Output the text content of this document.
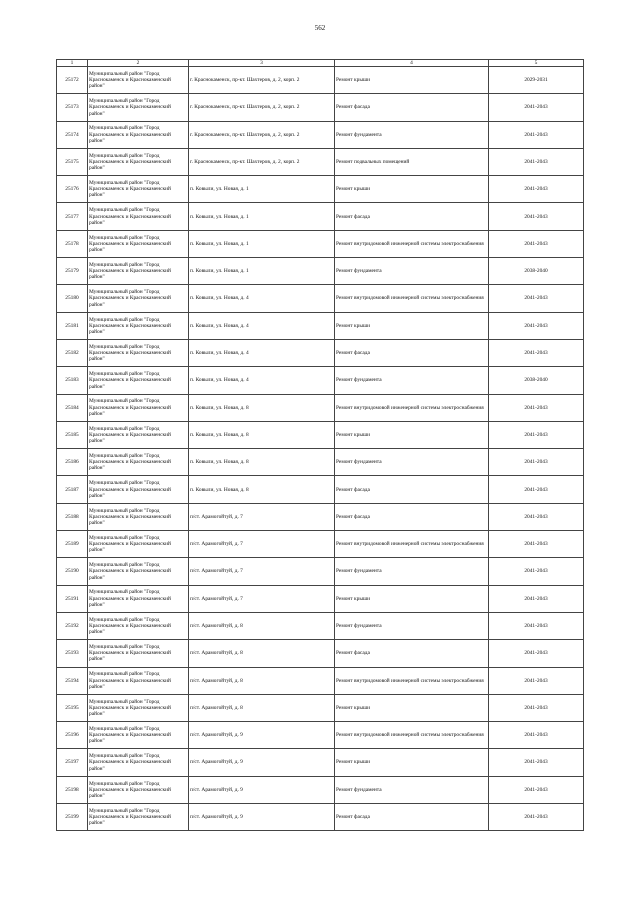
562
1	2	3	4	5
25172	Муниципальный район "Город Краснокаменск и Краснокаменский район"	г. Краснокаменск, пр-кт. Шахтеров, д. 2, корп. 2	Ремонт крыши	2029-2031
25173	Муниципальный район "Город Краснокаменск и Краснокаменский район"	г. Краснокаменск, пр-кт. Шахтеров, д. 2, корп. 2	Ремонт фасада	2041-2043
25174	Муниципальный район "Город Краснокаменск и Краснокаменский район"	г. Краснокаменск, пр-кт. Шахтеров, д. 2, корп. 2	Ремонт фундамента	2041-2043
25175	Муниципальный район "Город Краснокаменск и Краснокаменский район"	г. Краснокаменск, пр-кт. Шахтеров, д. 2, корп. 2	Ремонт подвальных помещений	2041-2043
25176	Муниципальный район "Город Краснокаменск и Краснокаменский район"	п. Ковыли, ул. Новая, д. 1	Ремонт крыши	2041-2043
25177	Муниципальный район "Город Краснокаменск и Краснокаменский район"	п. Ковыли, ул. Новая, д. 1	Ремонт фасада	2041-2043
25178	Муниципальный район "Город Краснокаменск и Краснокаменский район"	п. Ковыли, ул. Новая, д. 1	Ремонт внутридомовой инженерной системы электроснабжения	2041-2043
25179	Муниципальный район "Город Краснокаменск и Краснокаменский район"	п. Ковыли, ул. Новая, д. 1	Ремонт фундамента	2038-2040
25180	Муниципальный район "Город Краснокаменск и Краснокаменский район"	п. Ковыли, ул. Новая, д. 4	Ремонт внутридомовой инженерной системы электроснабжения	2041-2043
25181	Муниципальный район "Город Краснокаменск и Краснокаменский район"	п. Ковыли, ул. Новая, д. 4	Ремонт крыши	2041-2043
25182	Муниципальный район "Город Краснокаменск и Краснокаменский район"	п. Ковыли, ул. Новая, д. 4	Ремонт фасада	2041-2043
25183	Муниципальный район "Город Краснокаменск и Краснокаменский район"	п. Ковыли, ул. Новая, д. 4	Ремонт фундамента	2038-2040
25184	Муниципальный район "Город Краснокаменск и Краснокаменский район"	п. Ковыли, ул. Новая, д. 8	Ремонт внутридомовой инженерной системы электроснабжения	2041-2043
25185	Муниципальный район "Город Краснокаменск и Краснокаменский район"	п. Ковыли, ул. Новая, д. 8	Ремонт крыши	2041-2043
25186	Муниципальный район "Город Краснокаменск и Краснокаменский район"	п. Ковыли, ул. Новая, д. 8	Ремонт фундамента	2041-2043
25187	Муниципальный район "Город Краснокаменск и Краснокаменский район"	п. Ковыли, ул. Новая, д. 8	Ремонт фасада	2041-2043
25188	Муниципальный район "Город Краснокаменск и Краснокаменский район"	п/ст. Арамогойтуй, д. 7	Ремонт фасада	2041-2043
25189	Муниципальный район "Город Краснокаменск и Краснокаменский район"	п/ст. Арамогойтуй, д. 7	Ремонт внутридомовой инженерной системы электроснабжения	2041-2043
25190	Муниципальный район "Город Краснокаменск и Краснокаменский район"	п/ст. Арамогойтуй, д. 7	Ремонт фундамента	2041-2043
25191	Муниципальный район "Город Краснокаменск и Краснокаменский район"	п/ст. Арамогойтуй, д. 7	Ремонт крыши	2041-2043
25192	Муниципальный район "Город Краснокаменск и Краснокаменский район"	п/ст. Арамогойтуй, д. 8	Ремонт фундамента	2041-2043
25193	Муниципальный район "Город Краснокаменск и Краснокаменский район"	п/ст. Арамогойтуй, д. 8	Ремонт фасада	2041-2043
25194	Муниципальный район "Город Краснокаменск и Краснокаменский район"	п/ст. Арамогойтуй, д. 8	Ремонт внутридомовой инженерной системы электроснабжения	2041-2043
25195	Муниципальный район "Город Краснокаменск и Краснокаменский район"	п/ст. Арамогойтуй, д. 8	Ремонт крыши	2041-2043
25196	Муниципальный район "Город Краснокаменск и Краснокаменский район"	п/ст. Арамогойтуй, д. 9	Ремонт внутридомовой инженерной системы электроснабжения	2041-2043
25197	Муниципальный район "Город Краснокаменск и Краснокаменский район"	п/ст. Арамогойтуй, д. 9	Ремонт крыши	2041-2043
25198	Муниципальный район "Город Краснокаменск и Краснокаменский район"	п/ст. Арамогойтуй, д. 9	Ремонт фундамента	2041-2043
25199	Муниципальный район "Город Краснокаменск и Краснокаменский район"	п/ст. Арамогойтуй, д. 9	Ремонт фасада	2041-2043
